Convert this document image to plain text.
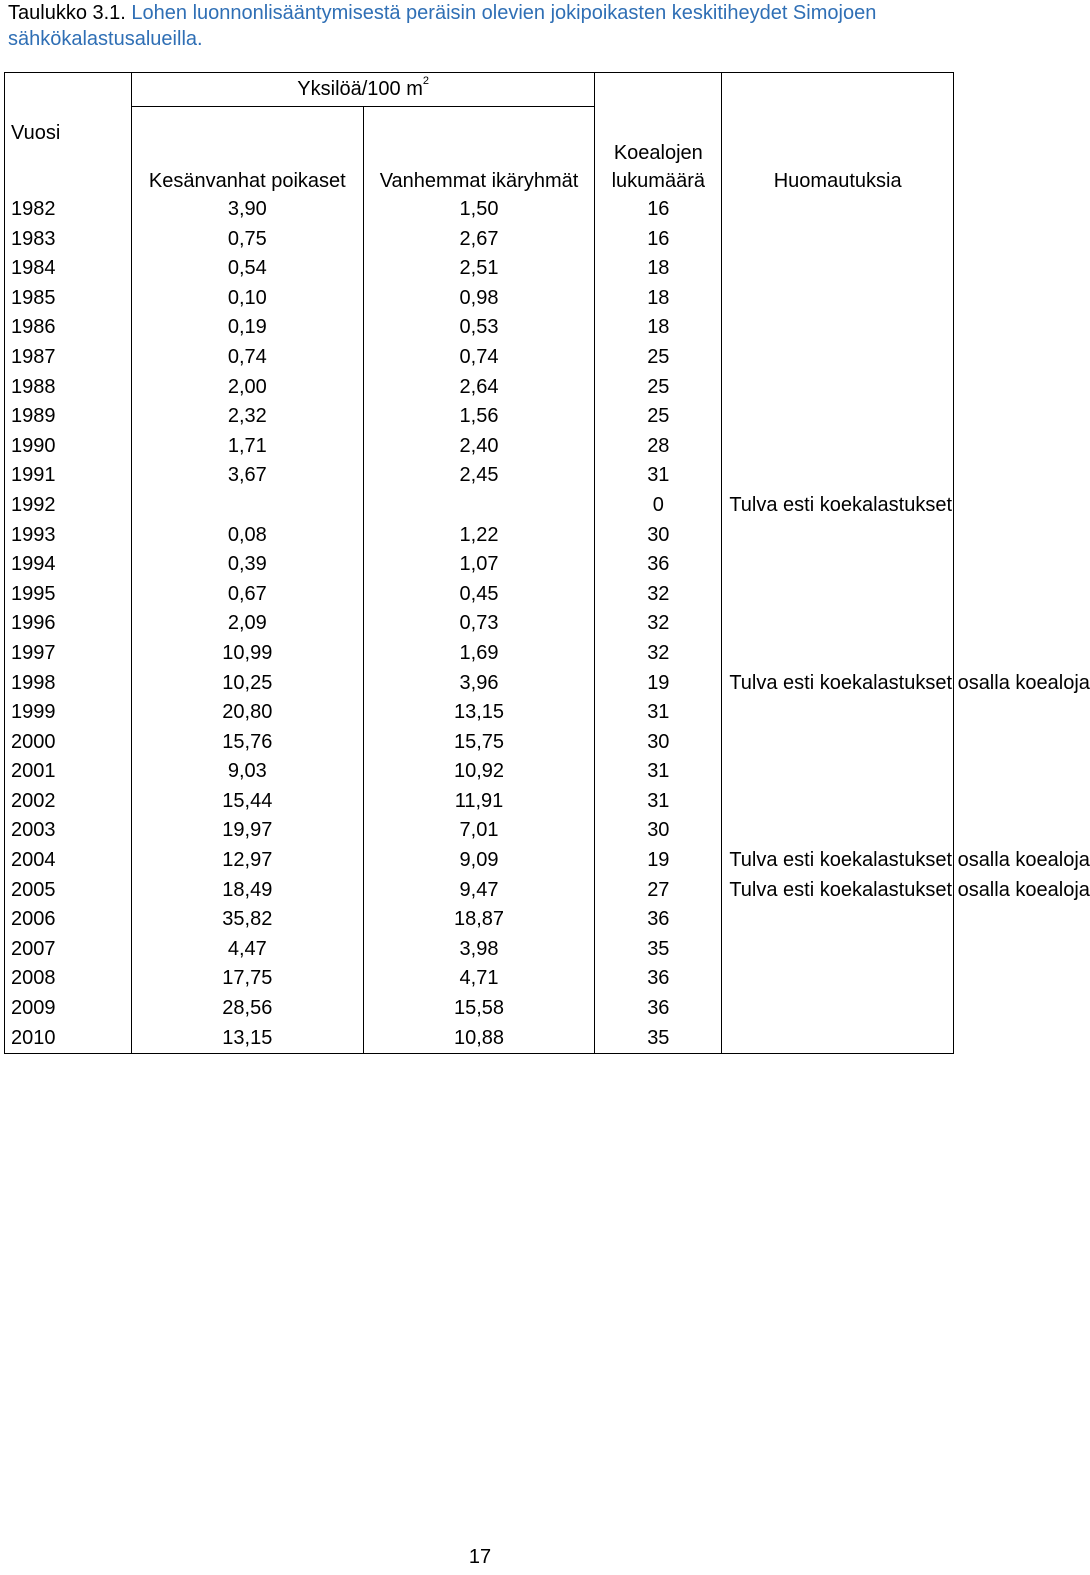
Taulukko 3.1. Lohen luonnonlisääntymisestä peräisin olevien jokipoikasten keskitiheydet Simojoen sähkökalastusalueilla.
Vuosi	Yksilöä/100 $m^2$		
	Kesänvanhat poikaset	Vanhemmat ikäryhmät	Koealojen lukumäärä	Huomautuksia
1982	3,90	1,50	16	
1983	0,75	2,67	16	
1984	0,54	2,51	18	
1985	0,10	0,98	18	
1986	0,19	0,53	18	
1987	0,74	0,74	25	
1988	2,00	2,64	25	
1989	2,32	1,56	25	
1990	1,71	2,40	28	
1991	3,67	2,45	31	
1992			0	Tulva esti koekalastukset
1993	0,08	1,22	30	
1994	0,39	1,07	36	
1995	0,67	0,45	32	
1996	2,09	0,73	32	
1997	10,99	1,69	32	
1998	10,25	3,96	19	Tulva esti koekalastukset osalla koealoja
1999	20,80	13,15	31	
2000	15,76	15,75	30	
2001	9,03	10,92	31	
2002	15,44	11,91	31	
2003	19,97	7,01	30	
2004	12,97	9,09	19	Tulva esti koekalastukset osalla koealoja
2005	18,49	9,47	27	Tulva esti koekalastukset osalla koealoja
2006	35,82	18,87	36	
2007	4,47	3,98	35	
2008	17,75	4,71	36	
2009	28,56	15,58	36	
2010	13,15	10,88	35	
17
